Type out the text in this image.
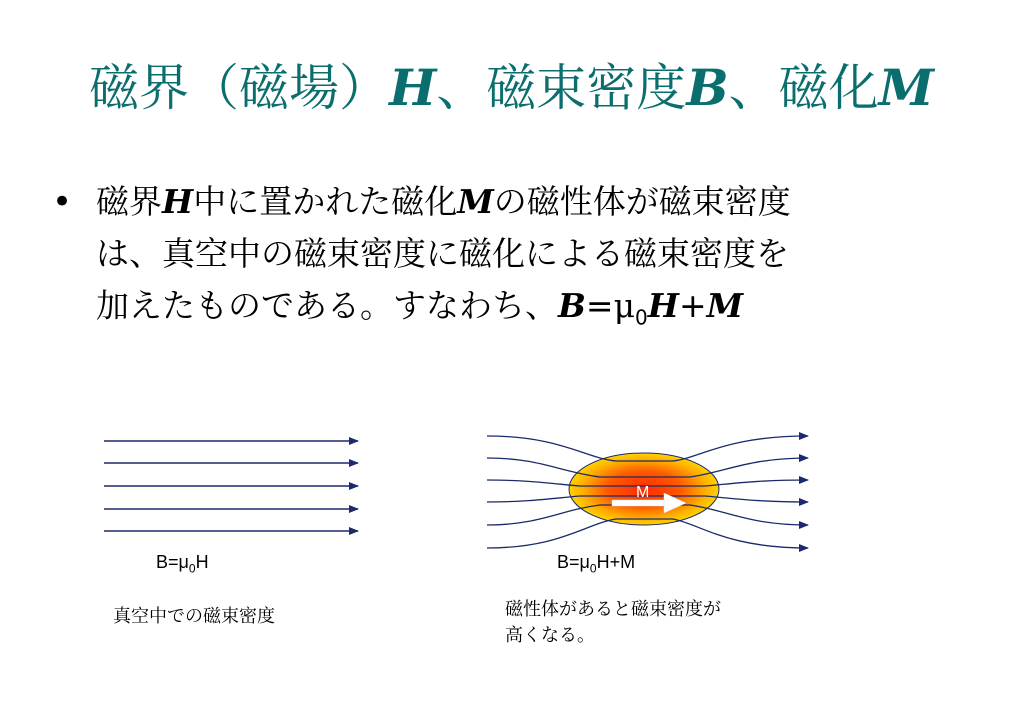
磁界（磁場）H、磁束密度B、磁化M
• 磁界H中に置かれた磁化Mの磁性体が磁束密度
は、真空中の磁束密度に磁化による磁束密度を
加えたものである。すなわち、$B=\mu_0H+M$
M
$B=\mu_0H$
真空中での磁束密度
$B=\mu_0H+M$
磁性体があると磁束密度が
高くなる。
